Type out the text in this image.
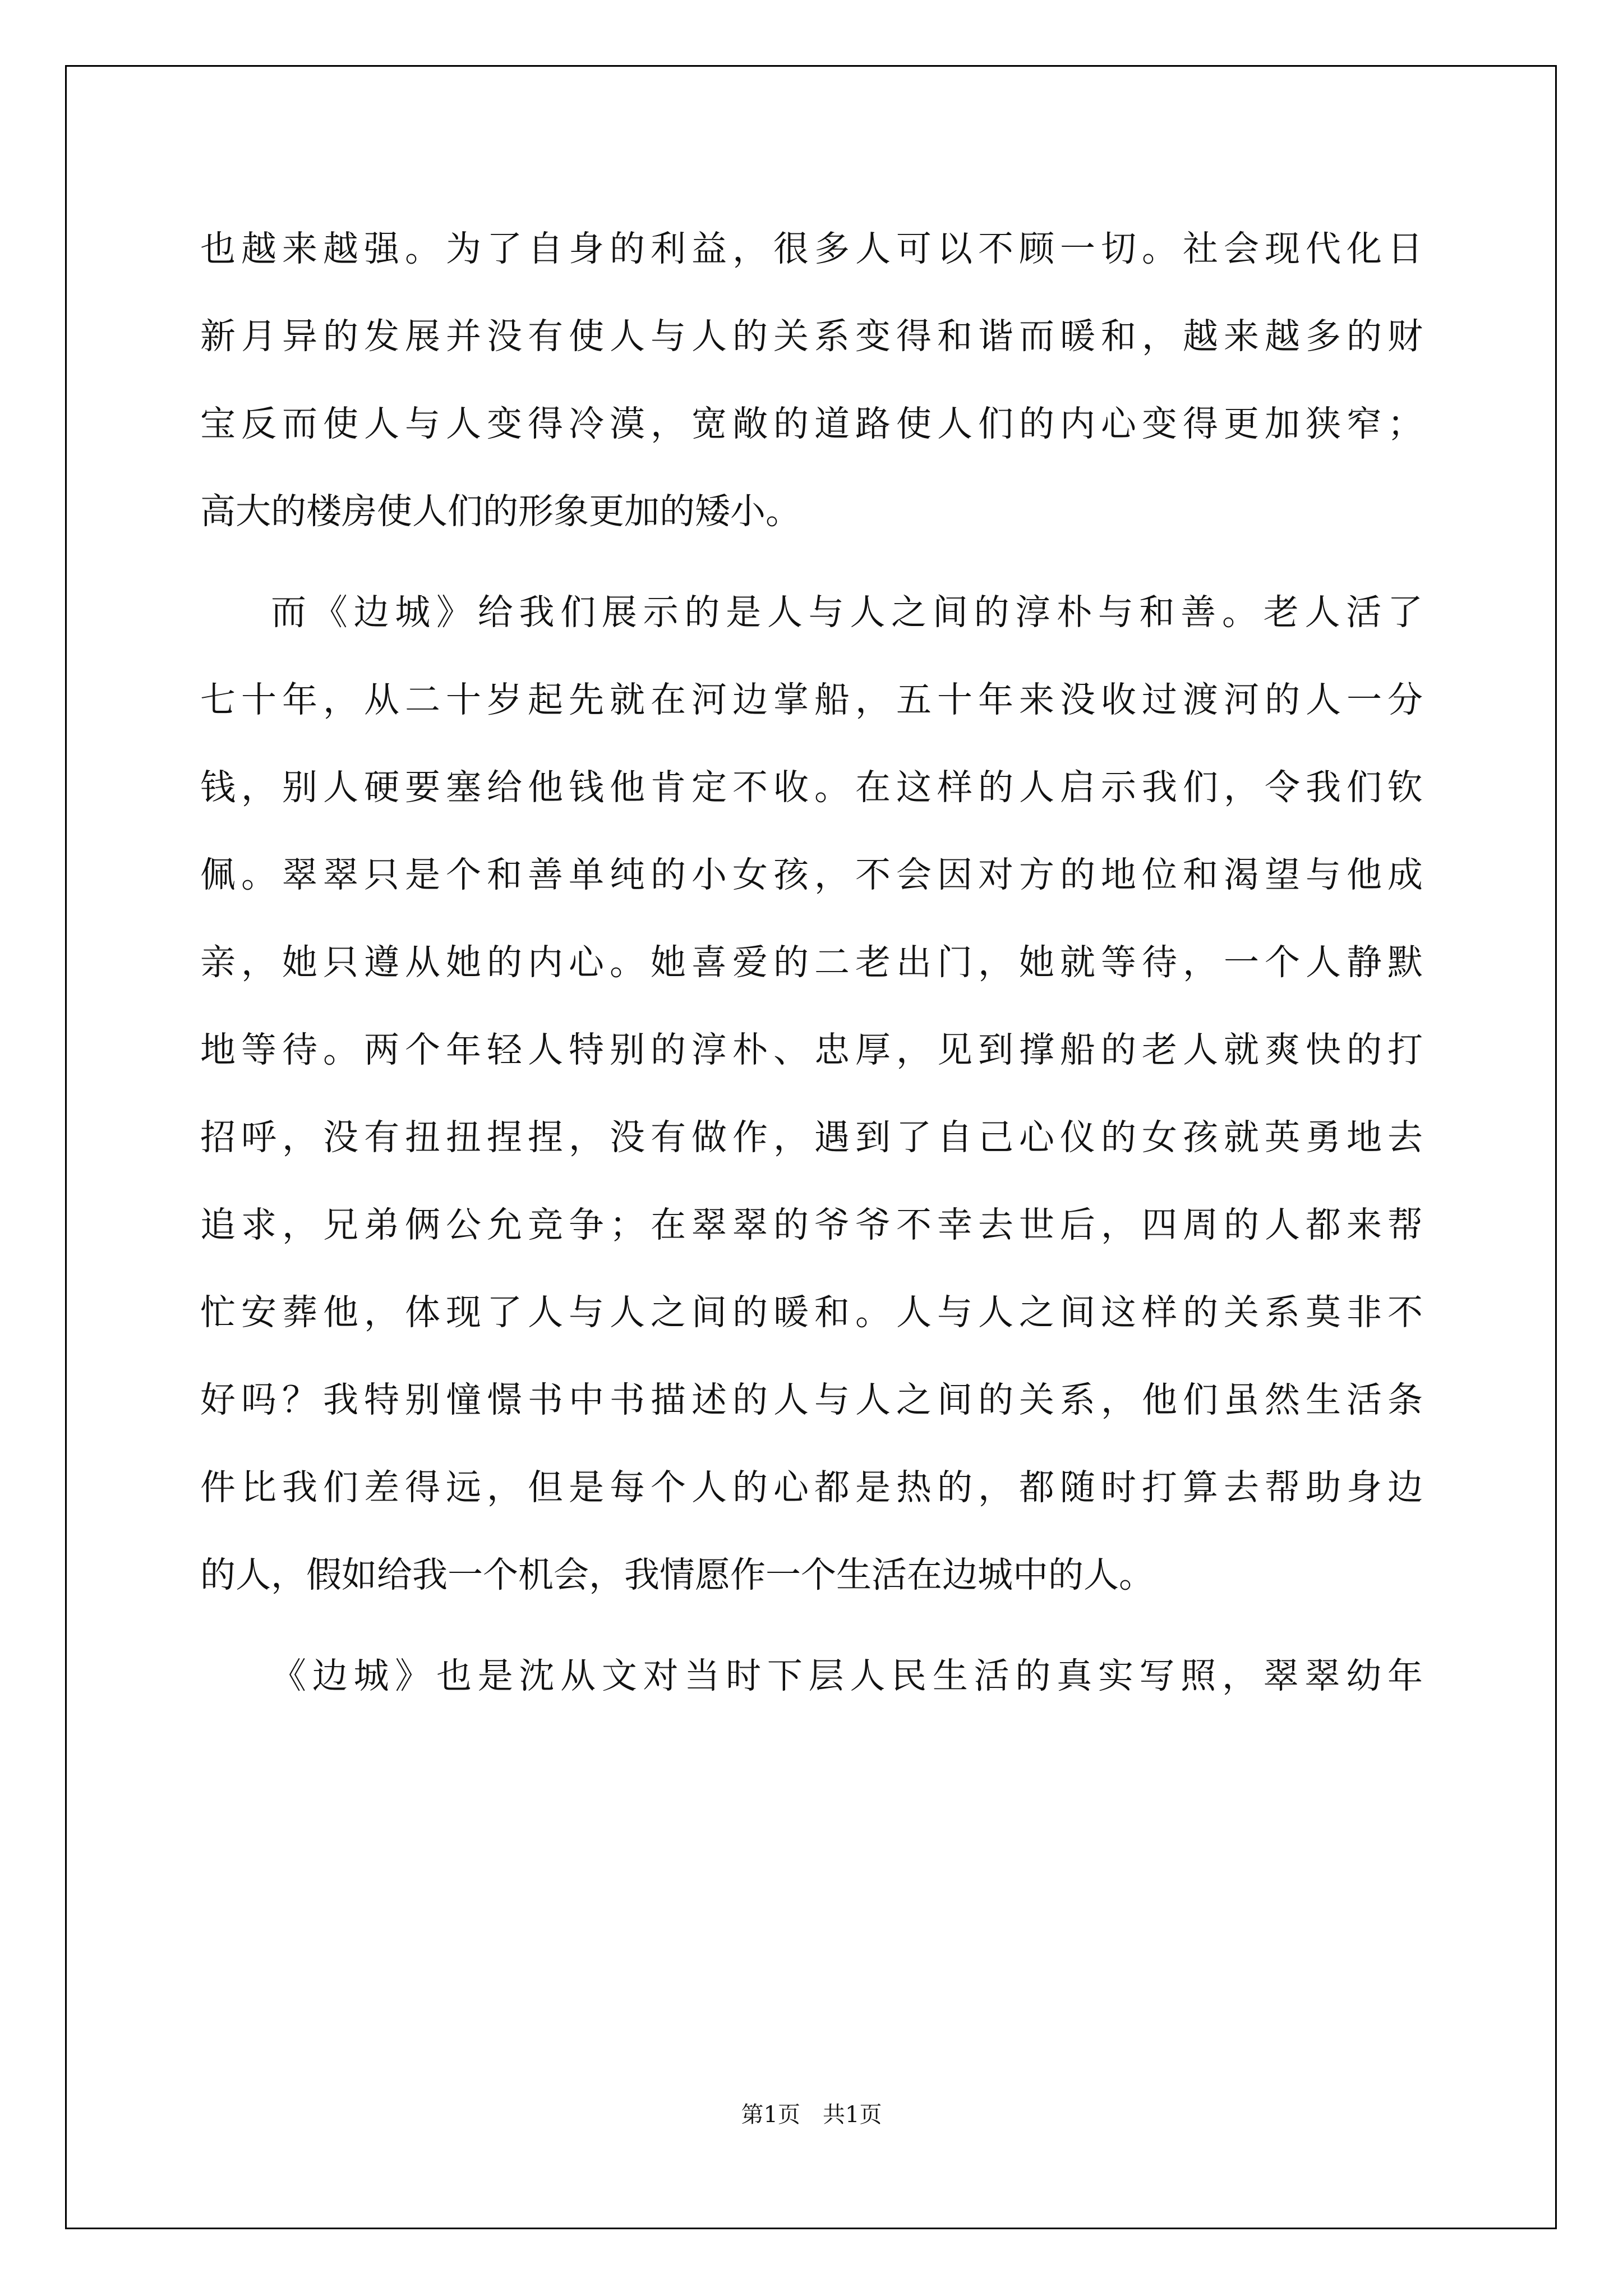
也越来越强。为了自身的利益，很多人可以不顾一切。社会现代化日
新月异的发展并没有使人与人的关系变得和谐而暖和，越来越多的财
宝反而使人与人变得冷漠，宽敞的道路使人们的内心变得更加狭窄；
高大的楼房使人们的形象更加的矮小。
而《边城》给我们展示的是人与人之间的淳朴与和善。老人活了
七十年，从二十岁起先就在河边掌船，五十年来没收过渡河的人一分
钱，别人硬要塞给他钱他肯定不收。在这样的人启示我们，令我们钦
佩。翠翠只是个和善单纯的小女孩，不会因对方的地位和渴望与他成
亲，她只遵从她的内心。她喜爱的二老出门，她就等待，一个人静默
地等待。两个年轻人特别的淳朴、忠厚，见到撑船的老人就爽快的打
招呼，没有扭扭捏捏，没有做作，遇到了自己心仪的女孩就英勇地去
追求，兄弟俩公允竞争；在翠翠的爷爷不幸去世后，四周的人都来帮
忙安葬他，体现了人与人之间的暖和。人与人之间这样的关系莫非不
好吗？我特别憧憬书中书描述的人与人之间的关系，他们虽然生活条
件比我们差得远，但是每个人的心都是热的，都随时打算去帮助身边
的人，假如给我一个机会，我情愿作一个生活在边城中的人。
《边城》也是沈从文对当时下层人民生活的真实写照，翠翠幼年
第1页 共1页
